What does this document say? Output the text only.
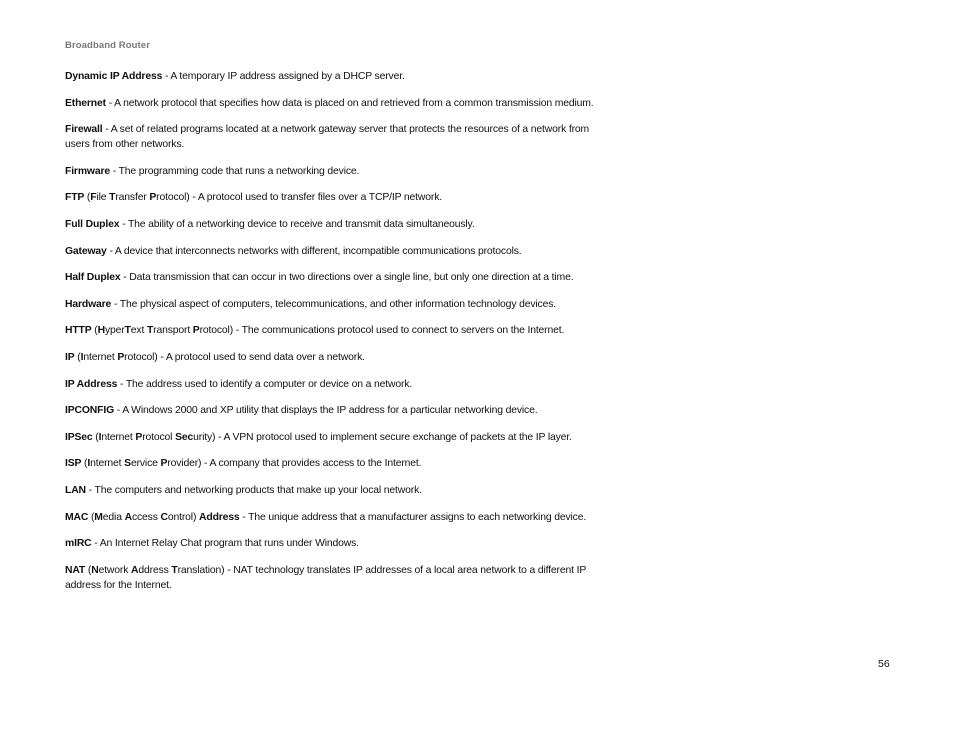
Broadband Router

Dynamic IP Address - A temporary IP address assigned by a DHCP server.

Ethernet - A network protocol that specifies how data is placed on and retrieved from a common transmission medium.

Firewall - A set of related programs located at a network gateway server that protects the resources of a network from users from other networks.

Firmware - The programming code that runs a networking device.

FTP (File Transfer Protocol) - A protocol used to transfer files over a TCP/IP network.

Full Duplex - The ability of a networking device to receive and transmit data simultaneously.

Gateway - A device that interconnects networks with different, incompatible communications protocols.

Half Duplex - Data transmission that can occur in two directions over a single line, but only one direction at a time.

Hardware - The physical aspect of computers, telecommunications, and other information technology devices.

HTTP (HyperText Transport Protocol) - The communications protocol used to connect to servers on the Internet.

IP (Internet Protocol) - A protocol used to send data over a network.

IP Address - The address used to identify a computer or device on a network.

IPCONFIG - A Windows 2000 and XP utility that displays the IP address for a particular networking device.

IPSec (Internet Protocol Security) - A VPN protocol used to implement secure exchange of packets at the IP layer.

ISP (Internet Service Provider) - A company that provides access to the Internet.

LAN - The computers and networking products that make up your local network.

MAC (Media Access Control) Address - The unique address that a manufacturer assigns to each networking device.

mIRC - An Internet Relay Chat program that runs under Windows.

NAT (Network Address Translation) - NAT technology translates IP addresses of a local area network to a different IP address for the Internet.

56
